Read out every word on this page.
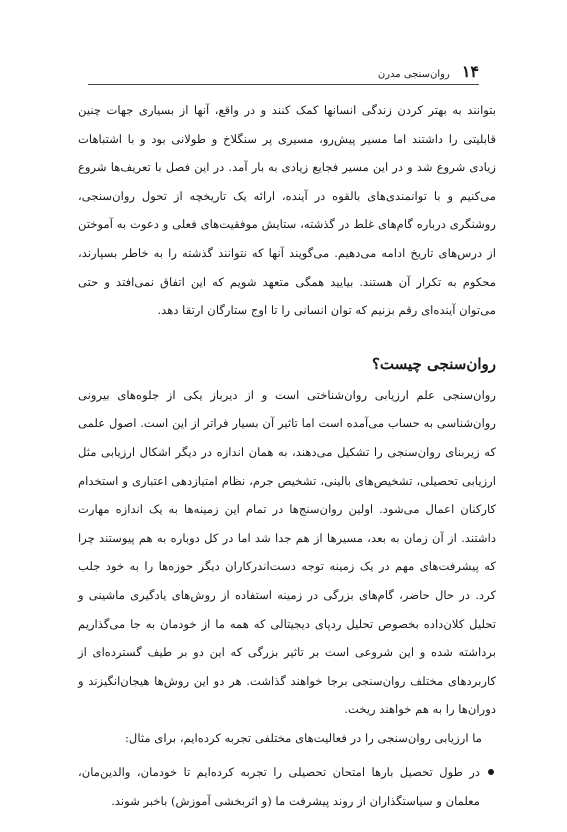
۱۴
روان‌سنجی مدرن

بتوانند به بهتر کردن زندگی انسانها کمک کنند و در واقع، آنها از بسیاری جهات چنین قابلیتی را داشتند اما مسیر پیش‌رو، مسیری پر سنگلاخ و طولانی بود و با اشتباهات زیادی شروع شد و در این مسیر فجایع زیادی به بار آمد. در این فصل با تعریف‌ها شروع می‌کنیم و با توانمندی‌های بالقوه در آینده، ارائه یک تاریخچه از تحول روان‌سنجی، روشنگری درباره گام‌های غلط در گذشته، ستایش موفقیت‌های فعلی و دعوت به آموختن از درس‌های تاریخ ادامه می‌دهیم. می‌گویند آنها که نتوانند گذشته را به خاطر بسپارند، محکوم به تکرار آن هستند. بیایید همگی متعهد شویم که این اتفاق نمی‌افتد و حتی می‌توان آینده‌ای رقم بزنیم که توان انسانی را تا اوج ستارگان ارتقا دهد.

روان‌سنجی چیست؟

روان‌سنجی علم ارزیابی روان‌شناختی است و از دیرباز یکی از جلوه‌های بیرونی روان‌شناسی به حساب می‌آمده است اما تاثیر آن بسیار فراتر از این است. اصول علمی که زیربنای روان‌سنجی را تشکیل می‌دهند، به همان اندازه در دیگر اشکال ارزیابی مثل ارزیابی تحصیلی، تشخیص‌های بالینی، تشخیص جرم، نظام امتیازدهی اعتباری و استخدام کارکنان اعمال می‌شود. اولین روان‌سنج‌ها در تمام این زمینه‌ها به یک اندازه مهارت داشتند. از آن زمان به بعد، مسیرها از هم جدا شد اما در کل دوباره به هم پیوستند چرا که پیشرفت‌های مهم در یک زمینه توجه دست‌اندرکاران دیگر حوزه‌ها را به خود جلب کرد. در حال حاضر، گام‌های بزرگی در زمینه استفاده از روش‌های یادگیری ماشینی و تحلیل کلان‌داده بخصوص تحلیل ردپای دیجیتالی که همه ما از خودمان به جا می‌گذاریم برداشته شده و این شروعی است بر تاثیر بزرگی که این دو بر طیف گسترده‌ای از کاربردهای مختلف روان‌سنجی برجا خواهند گذاشت. هر دو این روش‌ها هیجان‌انگیزند و دوران‌ها را به هم خواهند ریخت.

ما ارزیابی روان‌سنجی را در فعالیت‌های مختلفی تجربه کرده‌ایم، برای مثال:

در طول تحصیل بارها امتحان تحصیلی را تجربه کرده‌ایم تا خودمان، والدین‌مان، معلمان و سیاستگذاران از روند پیشرفت ما (و اثربخشی آموزش) باخبر شوند.
